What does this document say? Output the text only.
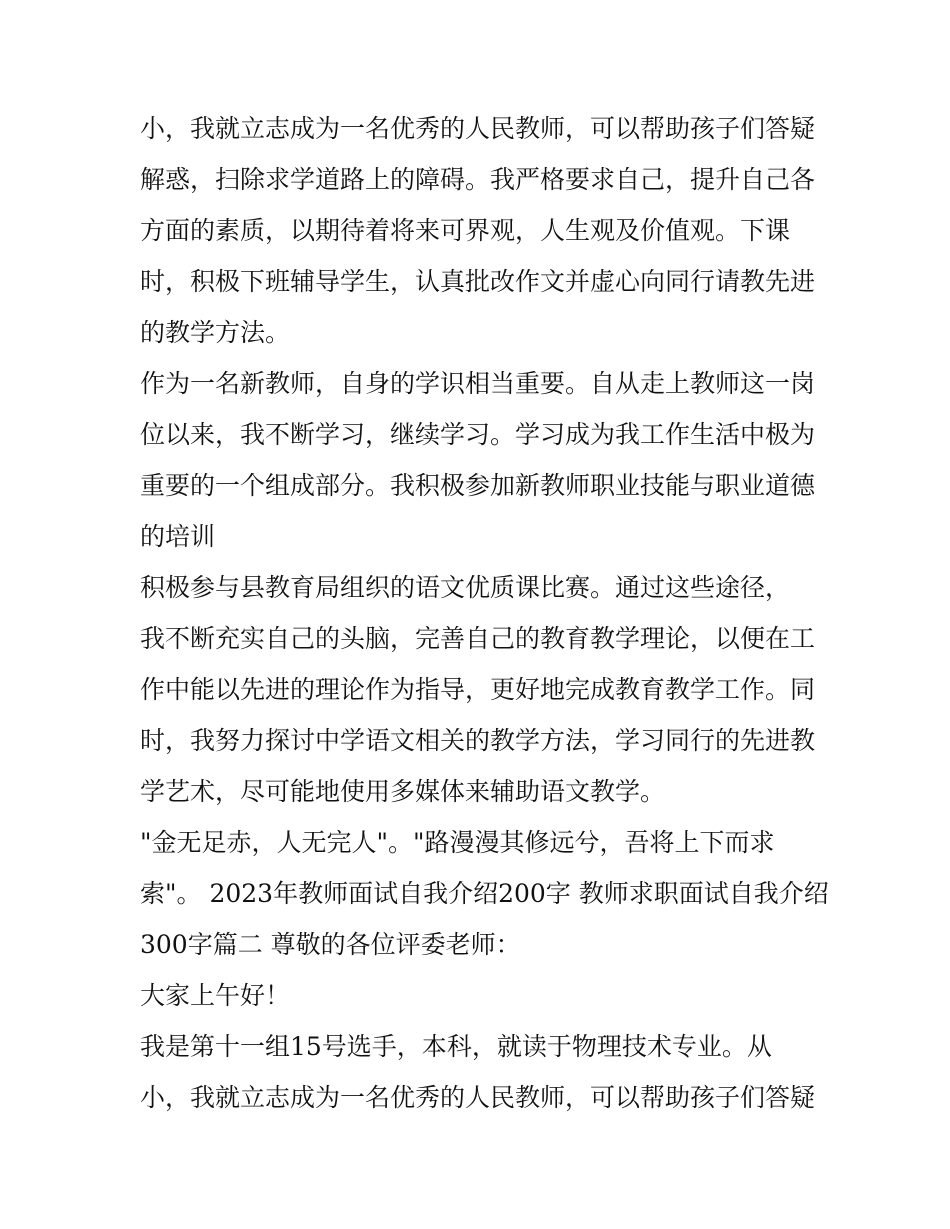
小，我就立志成为一名优秀的人民教师，可以帮助孩子们答疑
解惑，扫除求学道路上的障碍。我严格要求自己，提升自己各
方面的素质，以期待着将来可界观，人生观及价值观。下课
时，积极下班辅导学生，认真批改作文并虚心向同行请教先进
的教学方法。
作为一名新教师，自身的学识相当重要。自从走上教师这一岗
位以来，我不断学习，继续学习。学习成为我工作生活中极为
重要的一个组成部分。我积极参加新教师职业技能与职业道德
的培训
积极参与县教育局组织的语文优质课比赛。通过这些途径，
我不断充实自己的头脑，完善自己的教育教学理论，以便在工
作中能以先进的理论作为指导，更好地完成教育教学工作。同
时，我努力探讨中学语文相关的教学方法，学习同行的先进教
学艺术，尽可能地使用多媒体来辅助语文教学。
"金无足赤，人无完人"。"路漫漫其修远兮，吾将上下而求
索"。 2023年教师面试自我介绍200字 教师求职面试自我介绍
300字篇二 尊敬的各位评委老师：
大家上午好！
我是第十一组15号选手，本科，就读于物理技术专业。从
小，我就立志成为一名优秀的人民教师，可以帮助孩子们答疑
